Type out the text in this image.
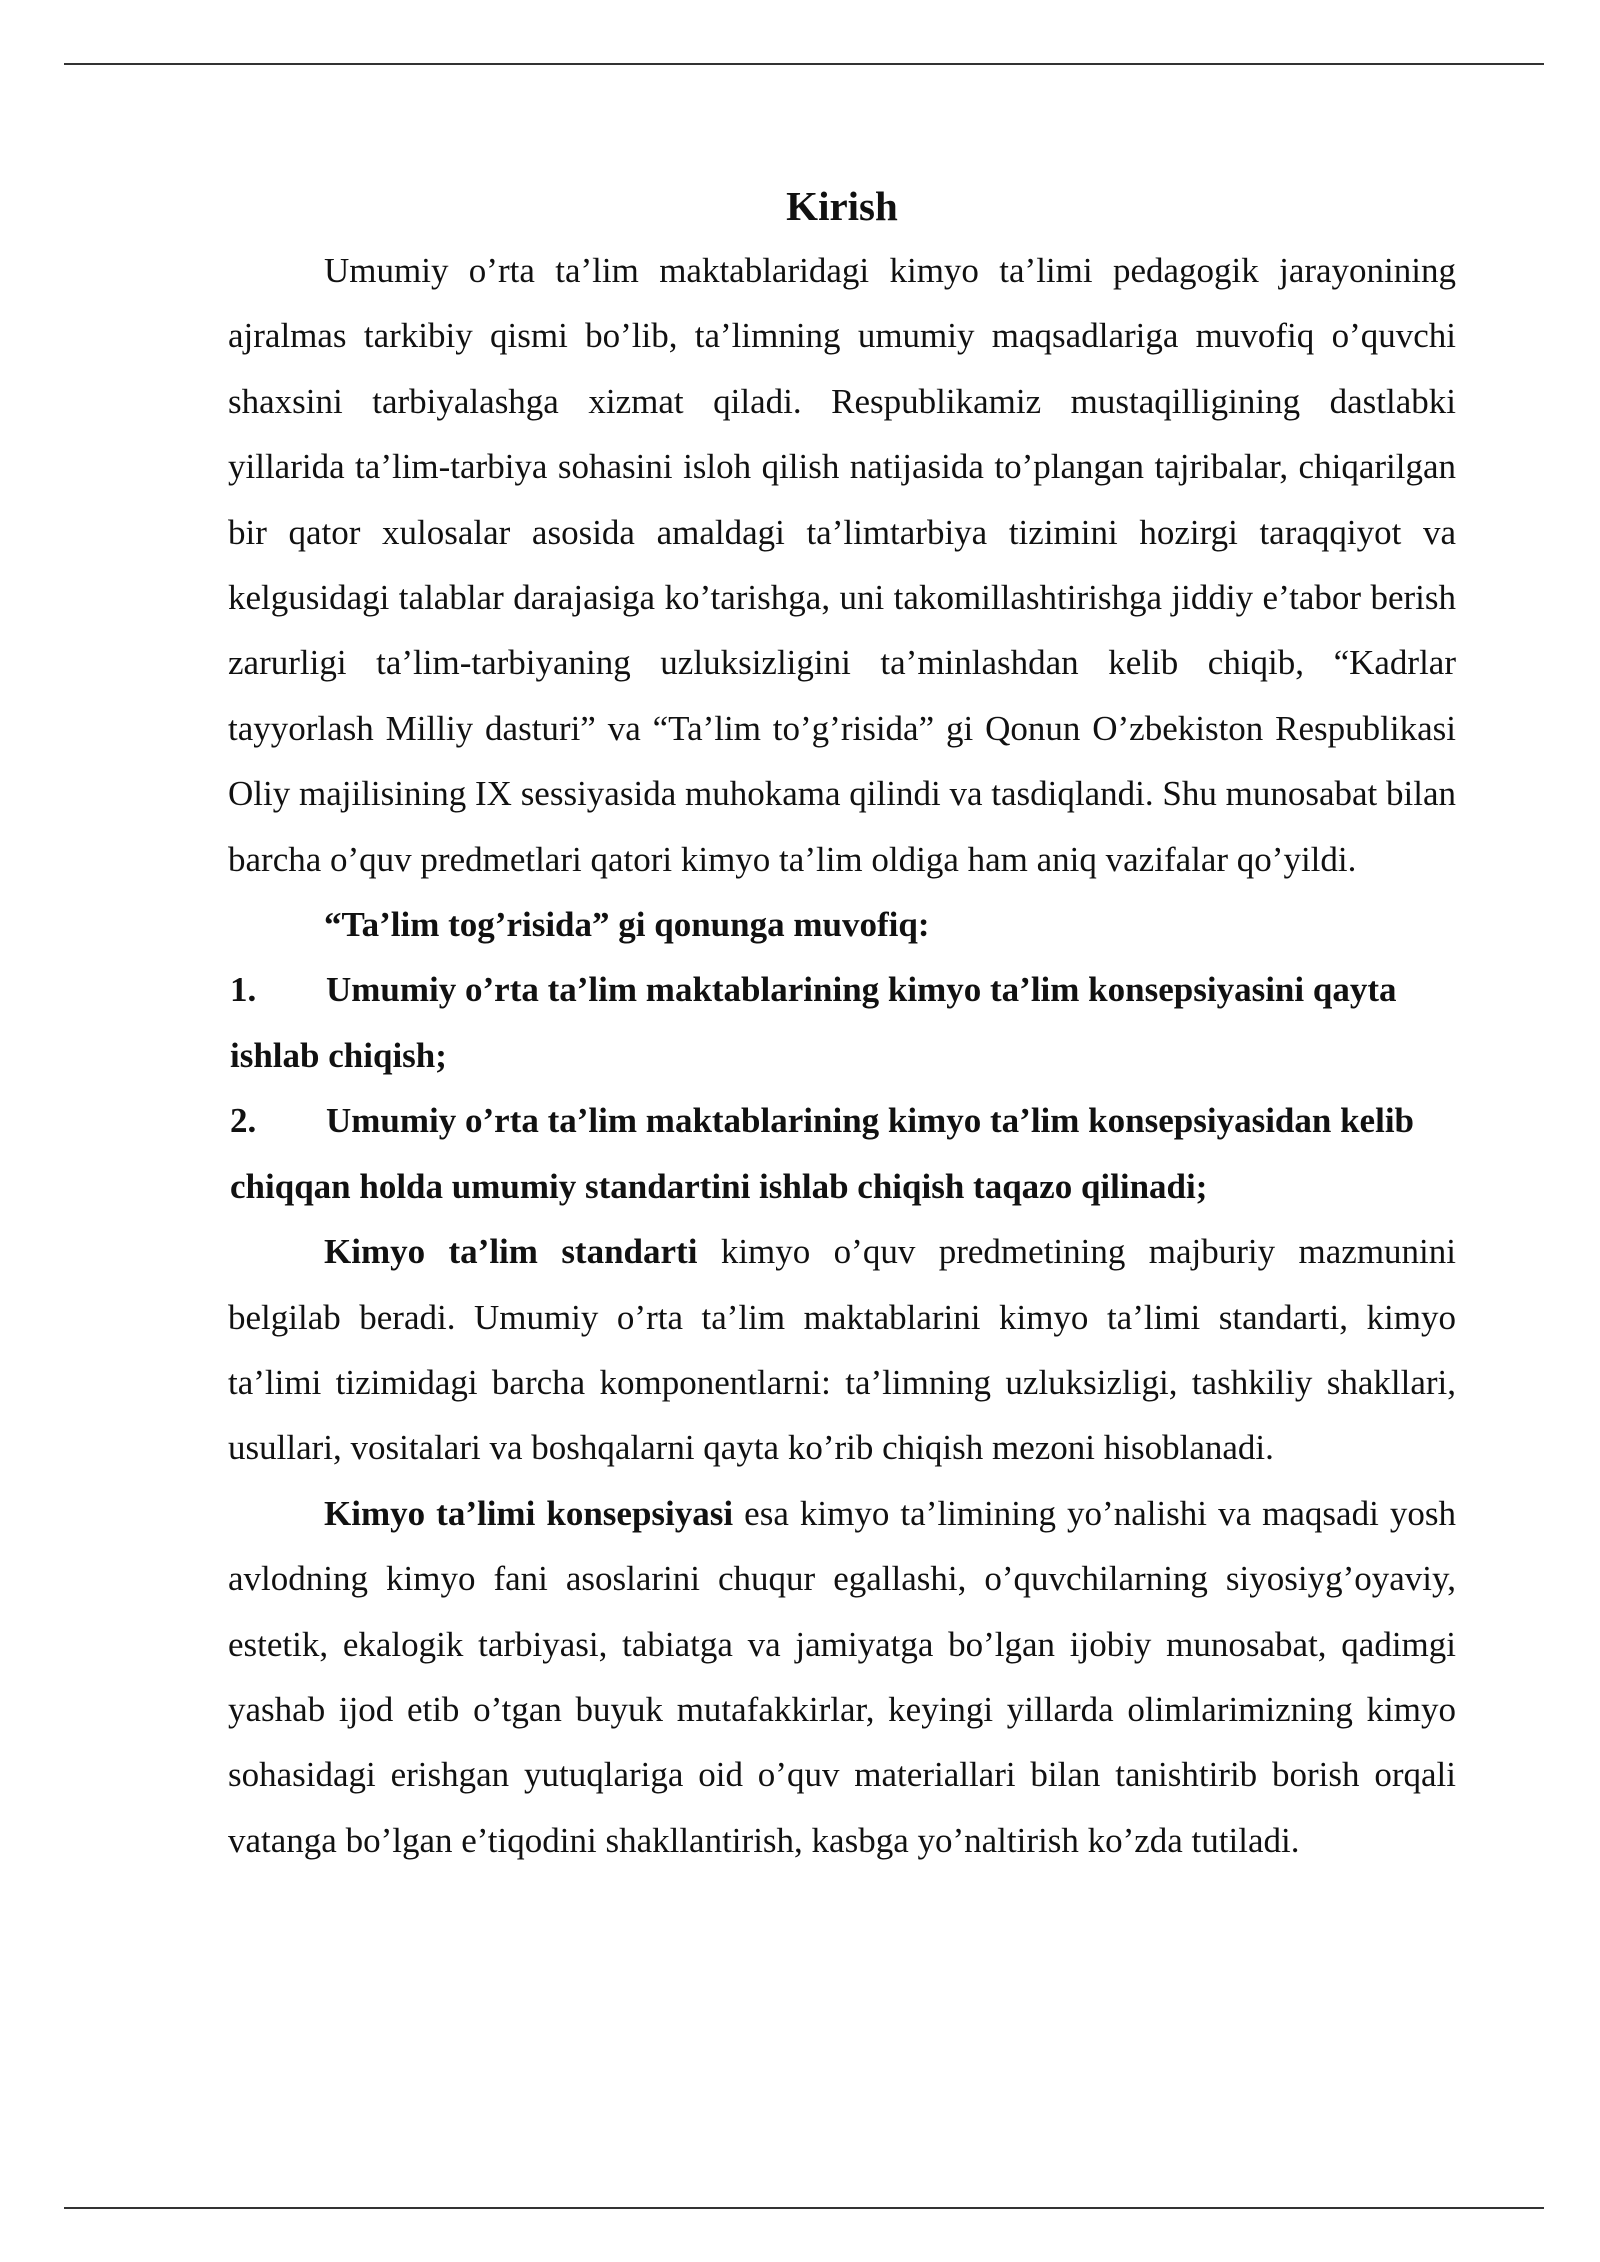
Kirish

Umumiy o’rta ta’lim maktablaridagi kimyo ta’limi pedagogik jarayonining ajralmas tarkibiy qismi bo’lib, ta’limning umumiy maqsadlariga muvofiq o’quvchi shaxsini tarbiyalashga xizmat qiladi. Respublikamiz mustaqilligining dastlabki yillarida ta’lim-tarbiya sohasini isloh qilish natijasida to’plangan tajribalar, chiqarilgan bir qator xulosalar asosida amaldagi ta’limtarbiya tizimini hozirgi taraqqiyot va kelgusidagi talablar darajasiga ko’tarishga, uni takomillashtirishga jiddiy e’tabor berish zarurligi ta’lim-tarbiyaning uzluksizligini ta’minlashdan kelib chiqib, “Kadrlar tayyorlash Milliy dasturi” va “Ta’lim to’g’risida” gi Qonun O’zbekiston Respublikasi Oliy majilisining IX sessiyasida muhokama qilindi va tasdiqlandi. Shu munosabat bilan barcha o’quv predmetlari qatori kimyo ta’lim oldiga ham aniq vazifalar qo’yildi.

“Ta’lim tog’risida” gi qonunga muvofiq:

1. Umumiy o’rta ta’lim maktablarining kimyo ta’lim konsepsiyasini qayta ishlab chiqish;

2. Umumiy o’rta ta’lim maktablarining kimyo ta’lim konsepsiyasidan kelib chiqqan holda umumiy standartini ishlab chiqish taqazo qilinadi;

Kimyo ta’lim standarti kimyo o’quv predmetining majburiy mazmunini belgilab beradi. Umumiy o’rta ta’lim maktablarini kimyo ta’limi standarti, kimyo ta’limi tizimidagi barcha komponentlarni: ta’limning uzluksizligi, tashkiliy shakllari, usullari, vositalari va boshqalarni qayta ko’rib chiqish mezoni hisoblanadi.

Kimyo ta’limi konsepsiyasi esa kimyo ta’limining yo’nalishi va maqsadi yosh avlodning kimyo fani asoslarini chuqur egallashi, o’quvchilarning siyosiyg’oyaviy, estetik, ekalogik tarbiyasi, tabiatga va jamiyatga bo’lgan ijobiy munosabat, qadimgi yashab ijod etib o’tgan buyuk mutafakkirlar, keyingi yillarda olimlarimizning kimyo sohasidagi erishgan yutuqlariga oid o’quv materiallari bilan tanishtirib borish orqali vatanga bo’lgan e’tiqodini shakllantirish, kasbga yo’naltirish ko’zda tutiladi.
